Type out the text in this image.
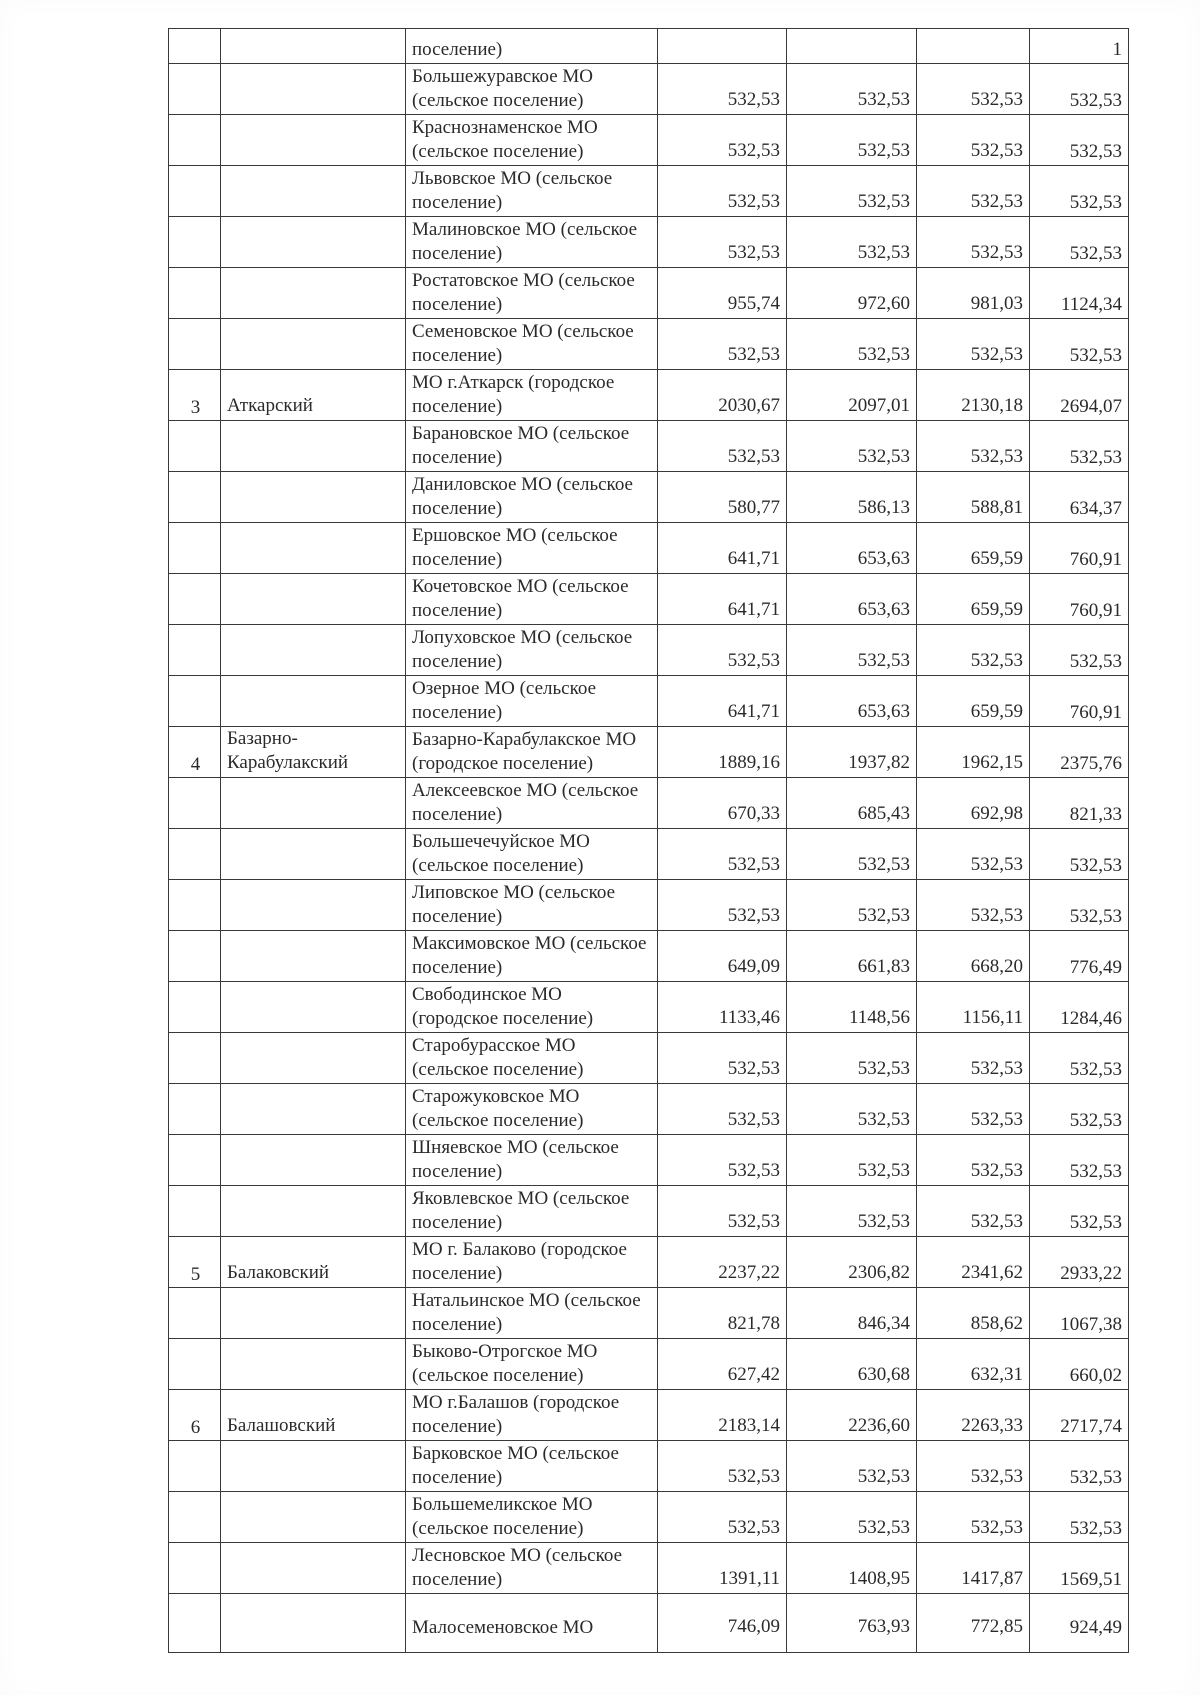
		поселение)				1

		Большежуравское МО (сельское поселение)	532,53	532,53	532,53	532,53

		Краснознаменское МО (сельское поселение)	532,53	532,53	532,53	532,53

		Львовское МО (сельское поселение)	532,53	532,53	532,53	532,53

		Малиновское МО (сельское поселение)	532,53	532,53	532,53	532,53

		Ростатовское МО (сельское поселение)	955,74	972,60	981,03	1124,34

		Семеновское МО (сельское поселение)	532,53	532,53	532,53	532,53

3	Аткарский	МО г.Аткарск (городское поселение)	2030,67	2097,01	2130,18	2694,07

		Барановское МО (сельское поселение)	532,53	532,53	532,53	532,53

		Даниловское МО (сельское поселение)	580,77	586,13	588,81	634,37

		Ершовское МО (сельское поселение)	641,71	653,63	659,59	760,91

		Кочетовское МО (сельское поселение)	641,71	653,63	659,59	760,91

		Лопуховское МО (сельское поселение)	532,53	532,53	532,53	532,53

		Озерное МО (сельское поселение)	641,71	653,63	659,59	760,91

4	Базарно-Карабулакский	Базарно-Карабулакское МО (городское поселение)	1889,16	1937,82	1962,15	2375,76

		Алексеевское МО (сельское поселение)	670,33	685,43	692,98	821,33

		Большечечуйское МО (сельское поселение)	532,53	532,53	532,53	532,53

		Липовское МО (сельское поселение)	532,53	532,53	532,53	532,53

		Максимовское МО (сельское поселение)	649,09	661,83	668,20	776,49

		Свободинское МО (городское поселение)	1133,46	1148,56	1156,11	1284,46

		Старобурасское МО (сельское поселение)	532,53	532,53	532,53	532,53

		Старожуковское МО (сельское поселение)	532,53	532,53	532,53	532,53

		Шняевское МО (сельское поселение)	532,53	532,53	532,53	532,53

		Яковлевское МО (сельское поселение)	532,53	532,53	532,53	532,53

5	Балаковский	МО г. Балаково (городское поселение)	2237,22	2306,82	2341,62	2933,22

		Натальинское МО (сельское поселение)	821,78	846,34	858,62	1067,38

		Быково-Отрогское МО (сельское поселение)	627,42	630,68	632,31	660,02

6	Балашовский	МО г.Балашов (городское поселение)	2183,14	2236,60	2263,33	2717,74

		Барковское МО (сельское поселение)	532,53	532,53	532,53	532,53

		Большемеликское МО (сельское поселение)	532,53	532,53	532,53	532,53

		Лесновское МО (сельское поселение)	1391,11	1408,95	1417,87	1569,51

		Малосеменовское МО	746,09	763,93	772,85	924,49
